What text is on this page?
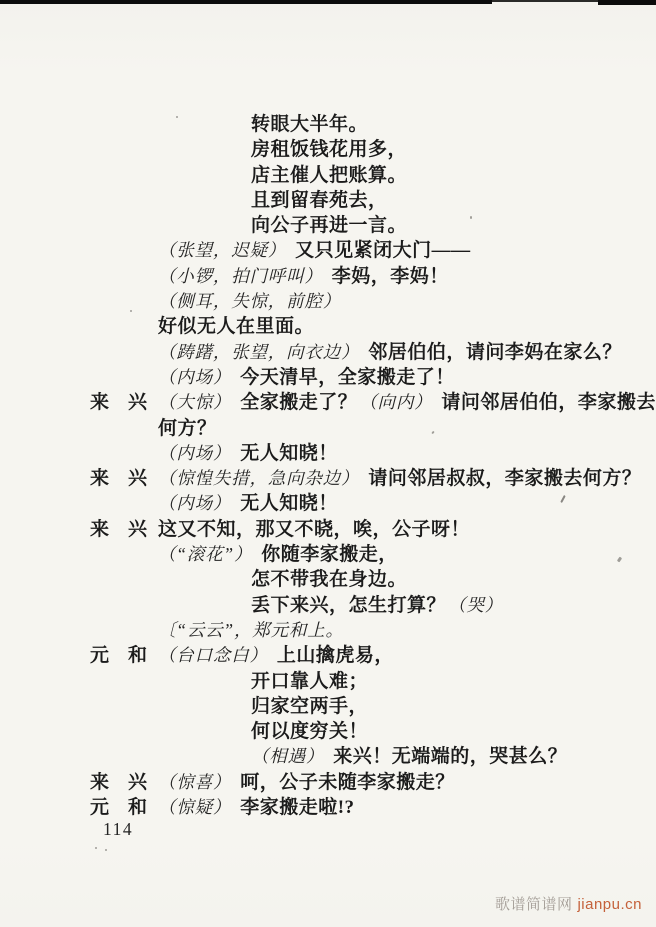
转眼大半年。
房租饭钱花用多，
店主催人把账算。
且到留春苑去，
向公子再进一言。
（张望，迟疑） 又只见紧闭大门——
（小锣，拍门呼叫） 李妈，李妈！
（侧耳，失惊，前腔）
好似无人在里面。
（踌躇，张望，向衣边） 邻居伯伯，请问李妈在家么？
（内场） 今天清早，全家搬走了！
来　兴 （大惊） 全家搬走了？ （向内） 请问邻居伯伯，李家搬去
何方？
（内场） 无人知晓！
来　兴 （惊惶失措，急向杂边） 请问邻居叔叔，李家搬去何方？
（内场） 无人知晓！
来　兴 这又不知，那又不晓，唉，公子呀！
（“滚花”） 你随李家搬走，
怎不带我在身边。
丢下来兴，怎生打算？ （哭）
〔“云云”，郑元和上。
元　和 （台口念白） 上山擒虎易，
开口靠人难；
归家空两手，
何以度穷关！
（相遇） 来兴！无端端的，哭甚么？
来　兴 （惊喜） 呵，公子未随李家搬走？
元　和 （惊疑） 李家搬走啦!?
114
歌谱简谱网 jianpu.cn
